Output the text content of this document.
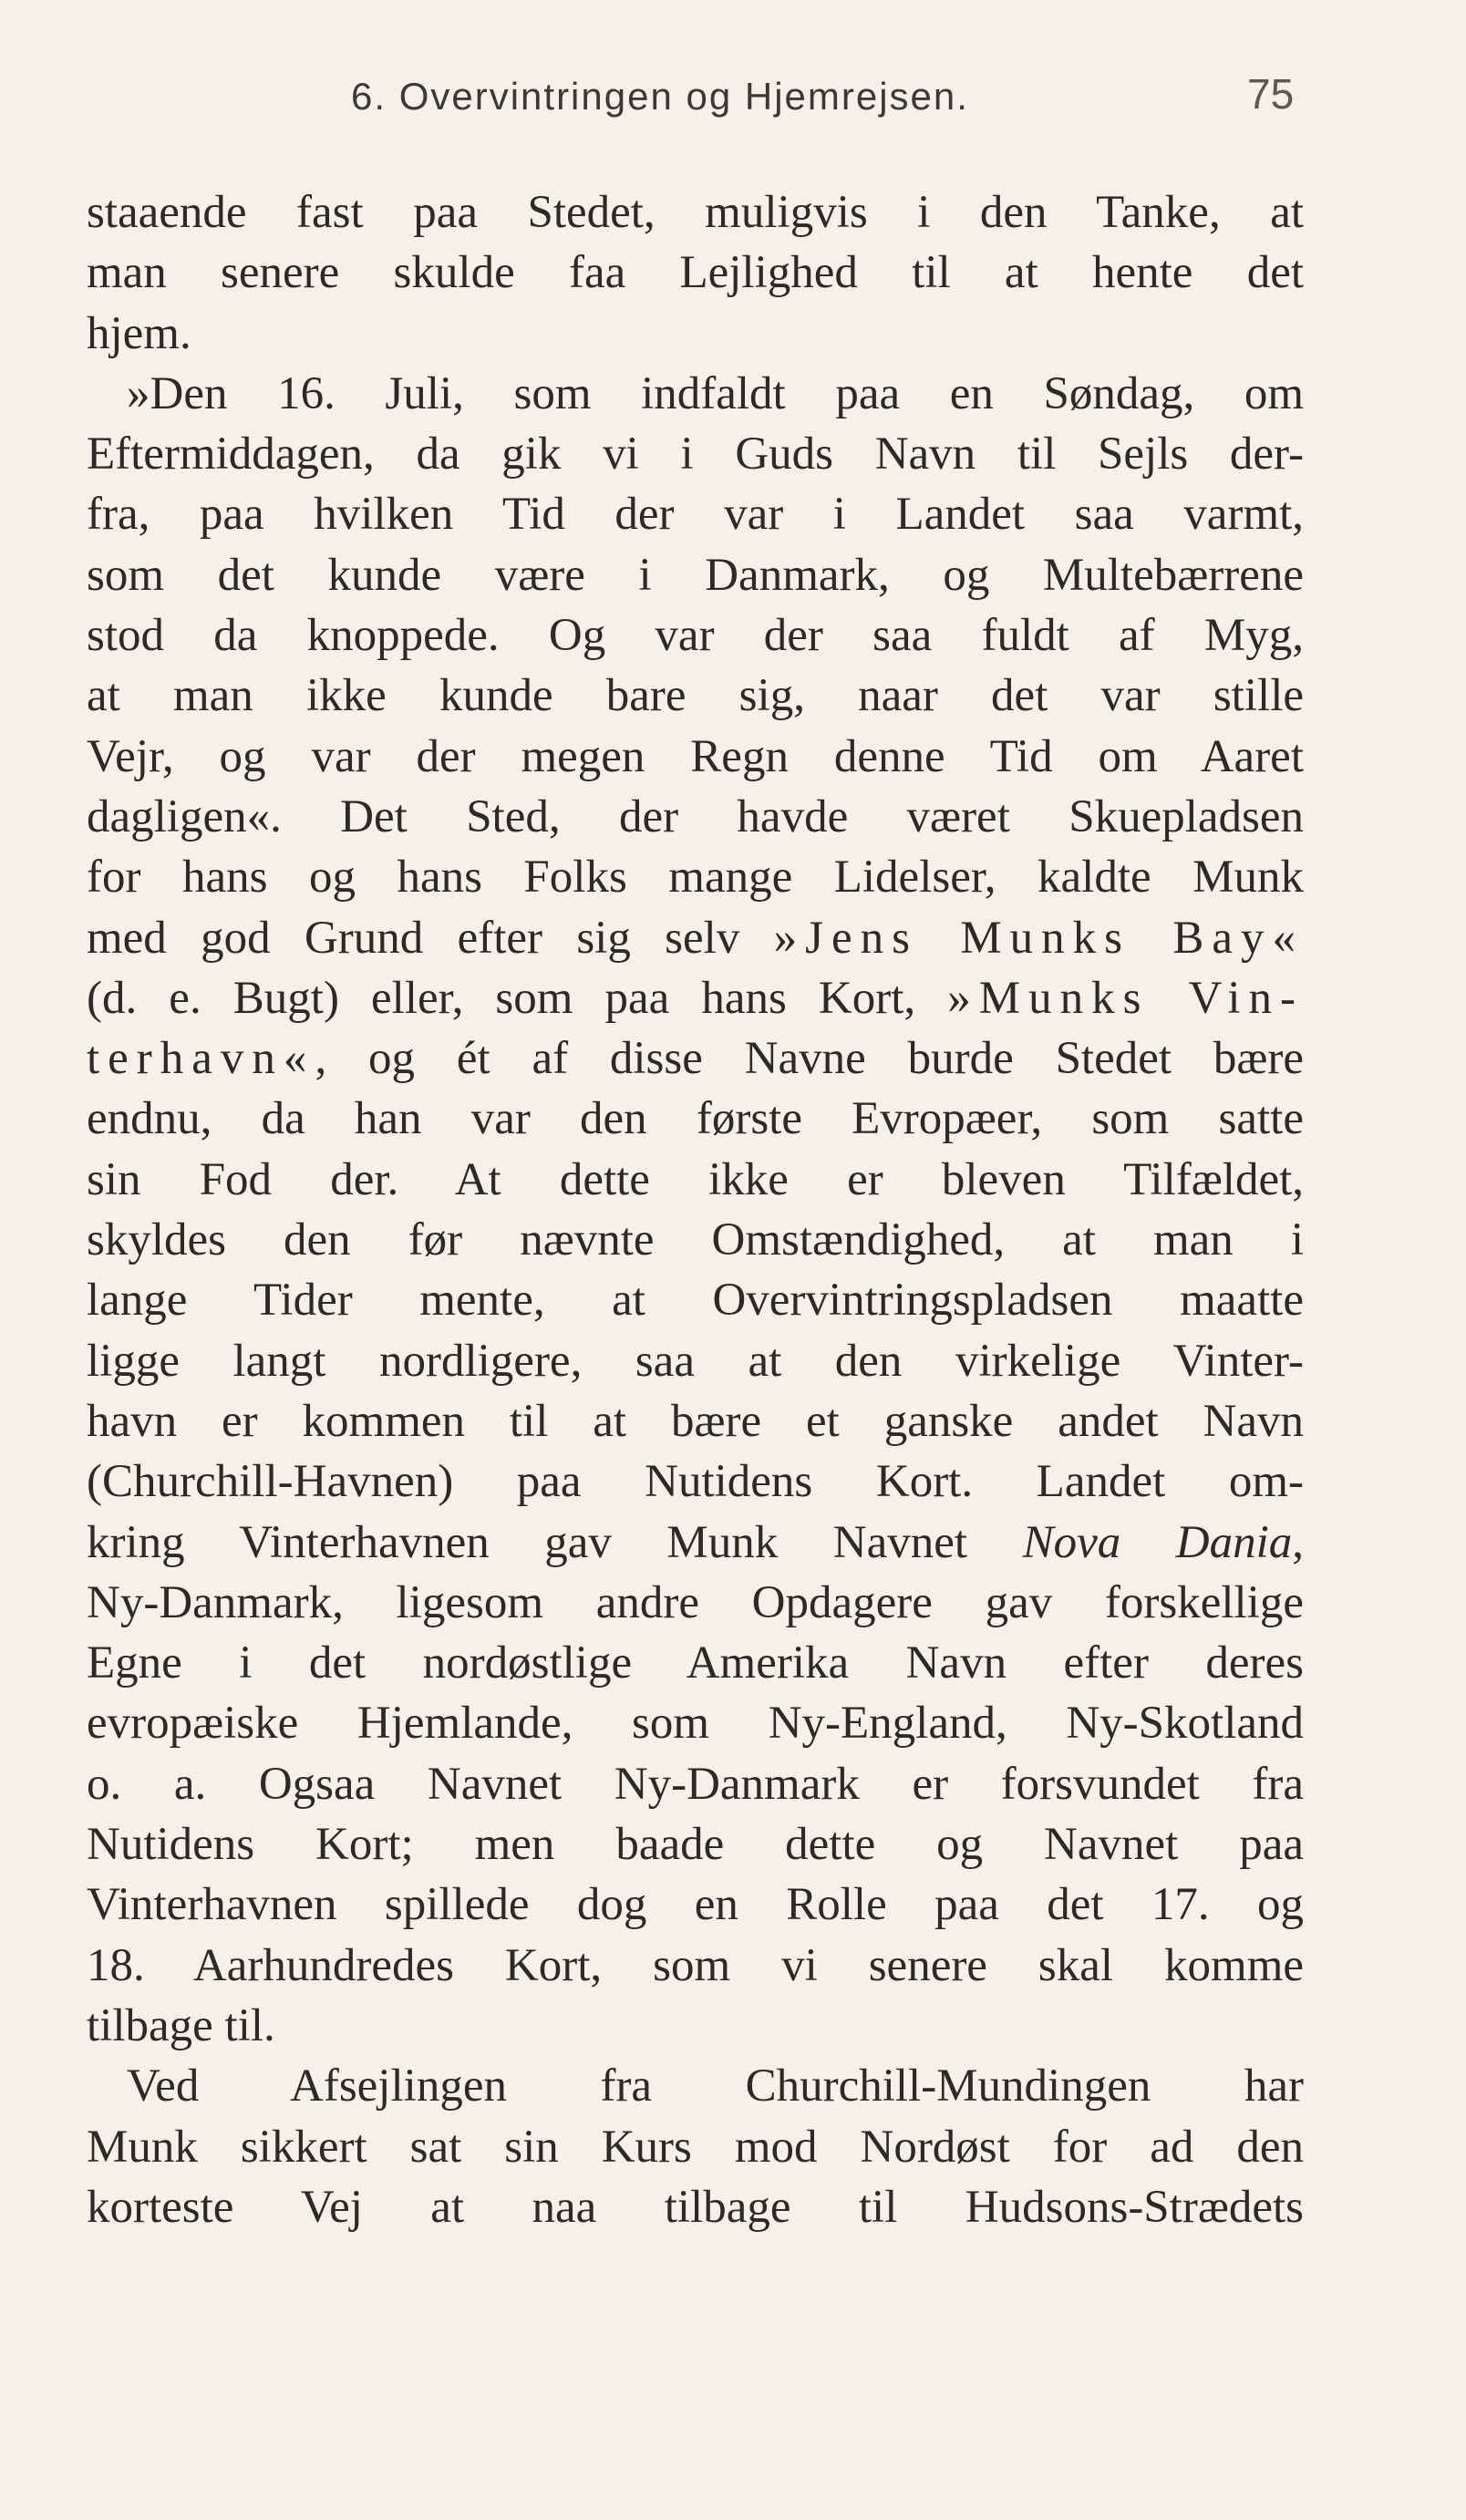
6. Overvintringen og Hjemrejsen.	75
staaende fast paa Stedet, muligvis i den Tanke, at
man senere skulde faa Lejlighed til at hente det
hjem.
»Den 16. Juli, som indfaldt paa en Søndag, om
Eftermiddagen, da gik vi i Guds Navn til Sejls der-
fra, paa hvilken Tid der var i Landet saa varmt,
som det kunde være i Danmark, og Multebærrene
stod da knoppede. Og var der saa fuldt af Myg,
at man ikke kunde bare sig, naar det var stille
Vejr, og var der megen Regn denne Tid om Aaret
dagligen«. Det Sted, der havde været Skuepladsen
for hans og hans Folks mange Lidelser, kaldte Munk
med god Grund efter sig selv »Jens Munks Bay«
(d. e. Bugt) eller, som paa hans Kort, »Munks Vin-
terhavn«, og ét af disse Navne burde Stedet bære
endnu, da han var den første Evropæer, som satte
sin Fod der. At dette ikke er bleven Tilfældet,
skyldes den før nævnte Omstændighed, at man i
lange Tider mente, at Overvintringspladsen maatte
ligge langt nordligere, saa at den virkelige Vinter-
havn er kommen til at bære et ganske andet Navn
(Churchill-Havnen) paa Nutidens Kort. Landet om-
kring Vinterhavnen gav Munk Navnet Nova Dania,
Ny-Danmark, ligesom andre Opdagere gav forskellige
Egne i det nordøstlige Amerika Navn efter deres
evropæiske Hjemlande, som Ny-England, Ny-Skotland
o. a. Ogsaa Navnet Ny-Danmark er forsvundet fra
Nutidens Kort; men baade dette og Navnet paa
Vinterhavnen spillede dog en Rolle paa det 17. og
18. Aarhundredes Kort, som vi senere skal komme
tilbage til.
Ved Afsejlingen fra Churchill-Mundingen har
Munk sikkert sat sin Kurs mod Nordøst for ad den
korteste Vej at naa tilbage til Hudsons-Strædets
